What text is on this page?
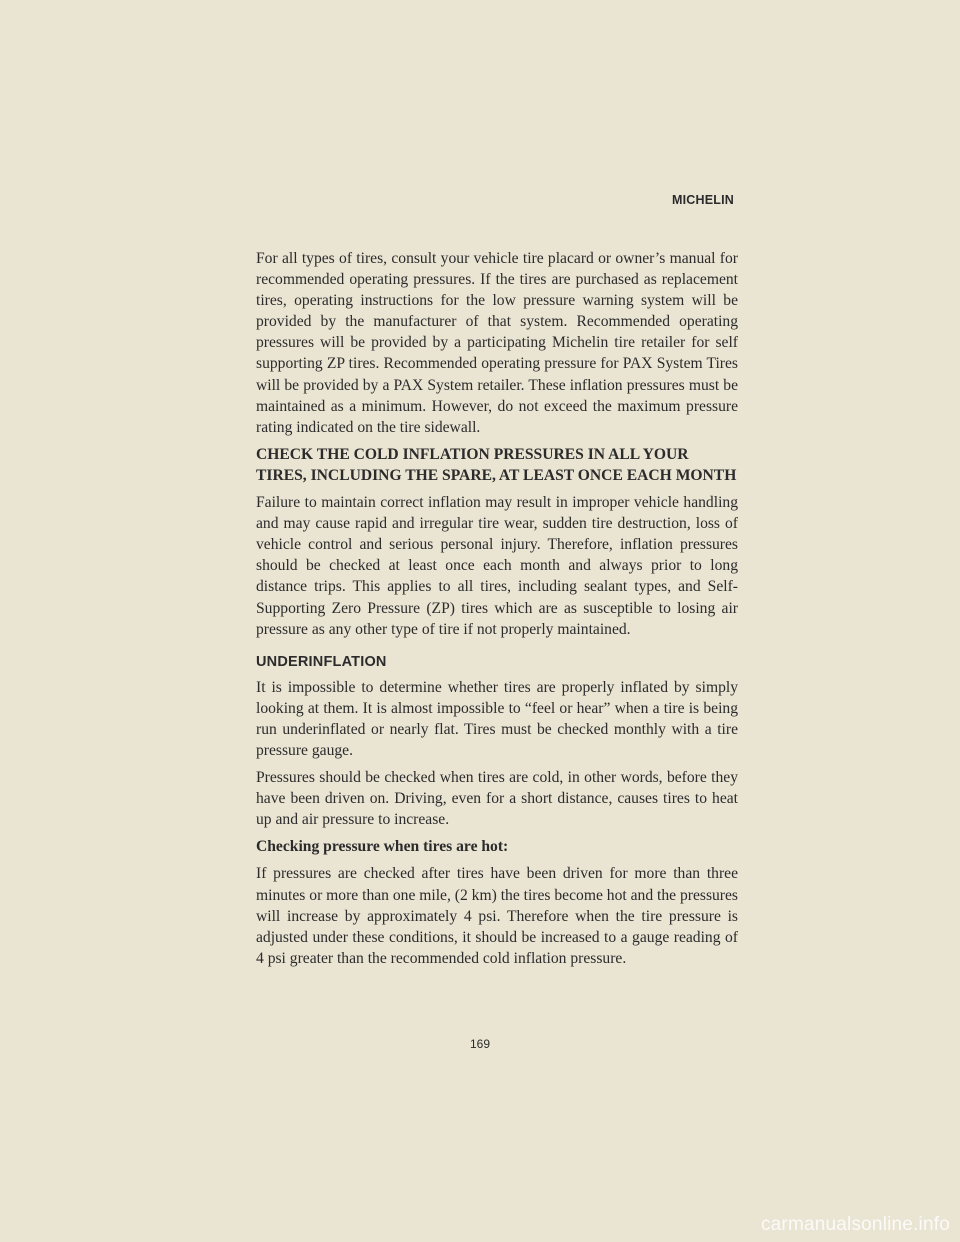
MICHELIN

For all types of tires, consult your vehicle tire placard or owner’s manual for recommended operating pressures. If the tires are purchased as replacement tires, operating instructions for the low pressure warning system will be provided by the manufacturer of that system. Recommended operating pressures will be provided by a participating Michelin tire retailer for self supporting ZP tires. Recommended operating pressure for PAX System Tires will be provided by a PAX System retailer. These inflation pressures must be maintained as a minimum. However, do not exceed the maximum pressure rating indicated on the tire sidewall.

CHECK THE COLD INFLATION PRESSURES IN ALL YOUR TIRES, INCLUDING THE SPARE, AT LEAST ONCE EACH MONTH

Failure to maintain correct inflation may result in improper vehicle handling and may cause rapid and irregular tire wear, sudden tire destruction, loss of vehicle control and serious personal injury. Therefore, inflation pressures should be checked at least once each month and always prior to long distance trips. This applies to all tires, including sealant types, and Self-Supporting Zero Pressure (ZP) tires which are as susceptible to losing air pressure as any other type of tire if not properly maintained.

UNDERINFLATION

It is impossible to determine whether tires are properly inflated by simply looking at them. It is almost impossible to “feel or hear” when a tire is being run underinflated or nearly flat. Tires must be checked monthly with a tire pressure gauge.

Pressures should be checked when tires are cold, in other words, before they have been driven on. Driving, even for a short distance, causes tires to heat up and air pressure to increase.

Checking pressure when tires are hot:

If pressures are checked after tires have been driven for more than three minutes or more than one mile, (2 km) the tires become hot and the pressures will increase by approximately 4 psi. Therefore when the tire pressure is adjusted under these conditions, it should be increased to a gauge reading of 4 psi greater than the recommended cold inflation pressure.

169
carmanualsonline.info
